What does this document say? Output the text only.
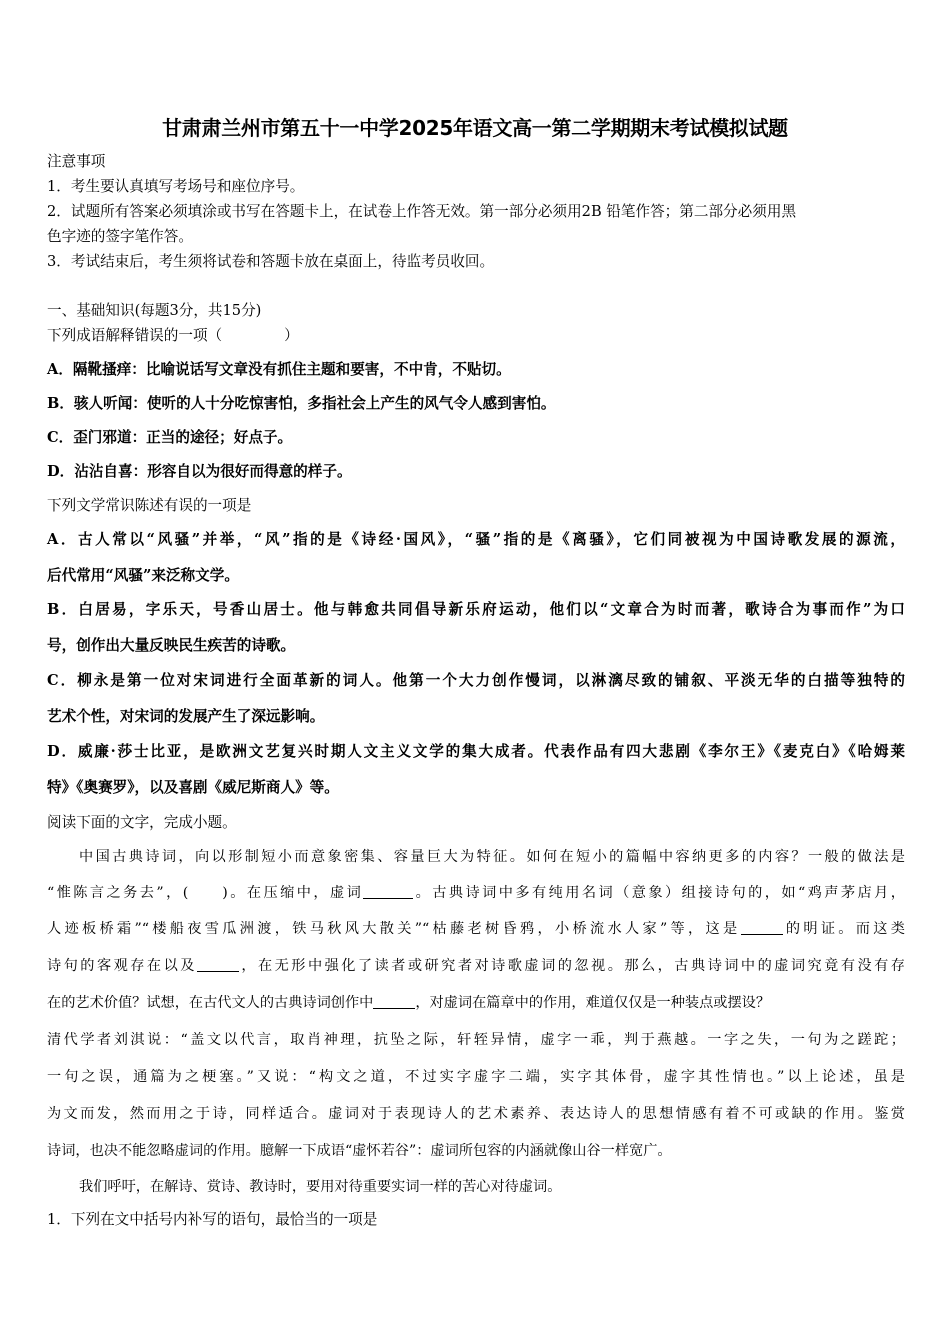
甘肃肃兰州市第五十一中学2025年语文高一第二学期期末考试模拟试题
注意事项
1．考生要认真填写考场号和座位序号。
2．试题所有答案必须填涂或书写在答题卡上，在试卷上作答无效。第一部分必须用2B 铅笔作答；第二部分必须用黑
色字迹的签字笔作答。
3．考试结束后，考生须将试卷和答题卡放在桌面上，待监考员收回。
一、基础知识(每题3分，共15分)
下列成语解释错误的一项（	）
A．隔靴搔痒：比喻说话写文章没有抓住主题和要害，不中肯，不贴切。
B．骇人听闻：使听的人十分吃惊害怕，多指社会上产生的风气令人感到害怕。
C．歪门邪道：正当的途径；好点子。
D．沾沾自喜：形容自以为很好而得意的样子。
下列文学常识陈述有误的一项是
A．古人常以“风骚”并举，“风”指的是《诗经·国风》，“骚”指的是《离骚》，它们同被视为中国诗歌发展的源流，
后代常用“风骚”来泛称文学。
B．白居易，字乐天，号香山居士。他与韩愈共同倡导新乐府运动，他们以“文章合为时而著，歌诗合为事而作”为口
号，创作出大量反映民生疾苦的诗歌。
C．柳永是第一位对宋词进行全面革新的词人。他第一个大力创作慢词，以淋漓尽致的铺叙、平淡无华的白描等独特的
艺术个性，对宋词的发展产生了深远影响。
D．威廉·莎士比亚，是欧洲文艺复兴时期人文主义文学的集大成者。代表作品有四大悲剧《李尔王》《麦克白》《哈姆莱
特》《奥赛罗》，以及喜剧《威尼斯商人》等。
阅读下面的文字，完成小题。
中国古典诗词，向以形制短小而意象密集、容量巨大为特征。如何在短小的篇幅中容纳更多的内容？一般的做法是
“惟陈言之务去”，( )。在压缩中，虚词	。古典诗词中多有纯用名词（意象）组接诗句的，如“鸡声茅店月，
人迹板桥霜”“楼船夜雪瓜洲渡，铁马秋风大散关”“枯藤老树昏鸦，小桥流水人家”等，这是	的明证。而这类
诗句的客观存在以及	，在无形中强化了读者或研究者对诗歌虚词的忽视。那么，古典诗词中的虚词究竟有没有存
在的艺术价值？试想，在古代文人的古典诗词创作中	，对虚词在篇章中的作用，难道仅仅是一种装点或摆设？
清代学者刘淇说：“盖文以代言，取肖神理，抗坠之际，轩轾异情，虚字一乖，判于燕越。一字之失，一句为之蹉跎；
一句之误，通篇为之梗塞。”又说：“构文之道，不过实字虚字二端，实字其体骨，虚字其性情也。”以上论述，虽是
为文而发，然而用之于诗，同样适合。虚词对于表现诗人的艺术素养、表达诗人的思想情感有着不可或缺的作用。鉴赏
诗词，也决不能忽略虚词的作用。臆解一下成语“虚怀若谷”：虚词所包容的内涵就像山谷一样宽广。
我们呼吁，在解诗、赏诗、教诗时，要用对待重要实词一样的苦心对待虚词。
1．下列在文中括号内补写的语句，最恰当的一项是
